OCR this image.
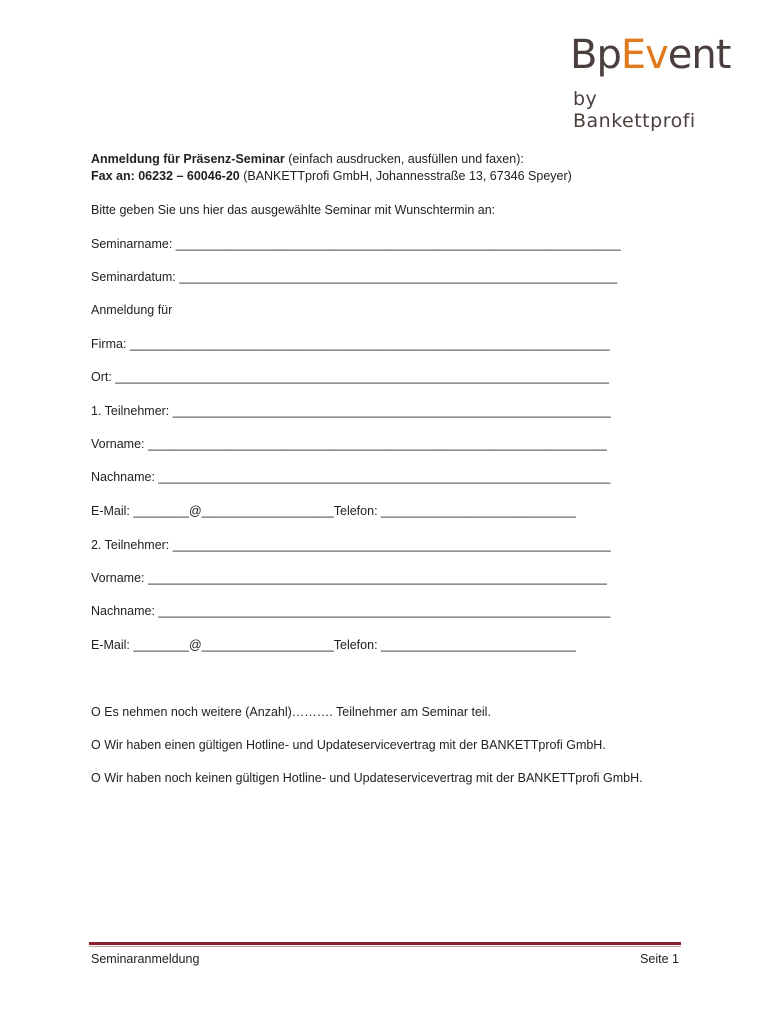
BpEvent
by Bankettprofi
Anmeldung für Präsenz-Seminar (einfach ausdrucken, ausfüllen und faxen):
Fax an: 06232 – 60046-20 (BANKETTprofi GmbH, Johannesstraße 13, 67346 Speyer)
Bitte geben Sie uns hier das ausgewählte Seminar mit Wunschtermin an:
Seminarname: ________________________________________________________________
Seminardatum: _______________________________________________________________
Anmeldung für
Firma: _____________________________________________________________________
Ort: _______________________________________________________________________
1. Teilnehmer: _______________________________________________________________
Vorname: __________________________________________________________________
Nachname: _________________________________________________________________
E-Mail: ________@___________________Telefon: ____________________________
2. Teilnehmer: _______________________________________________________________
Vorname: __________________________________________________________________
Nachname: _________________________________________________________________
E-Mail: ________@___________________Telefon: ____________________________
O Es nehmen noch weitere (Anzahl)………. Teilnehmer am Seminar teil.
O Wir haben einen gültigen Hotline- und Updateservicevertrag mit der BANKETTprofi GmbH.
O Wir haben noch keinen gültigen Hotline- und Updateservicevertrag mit der BANKETTprofi GmbH.
Seminaranmeldung	Seite 1
